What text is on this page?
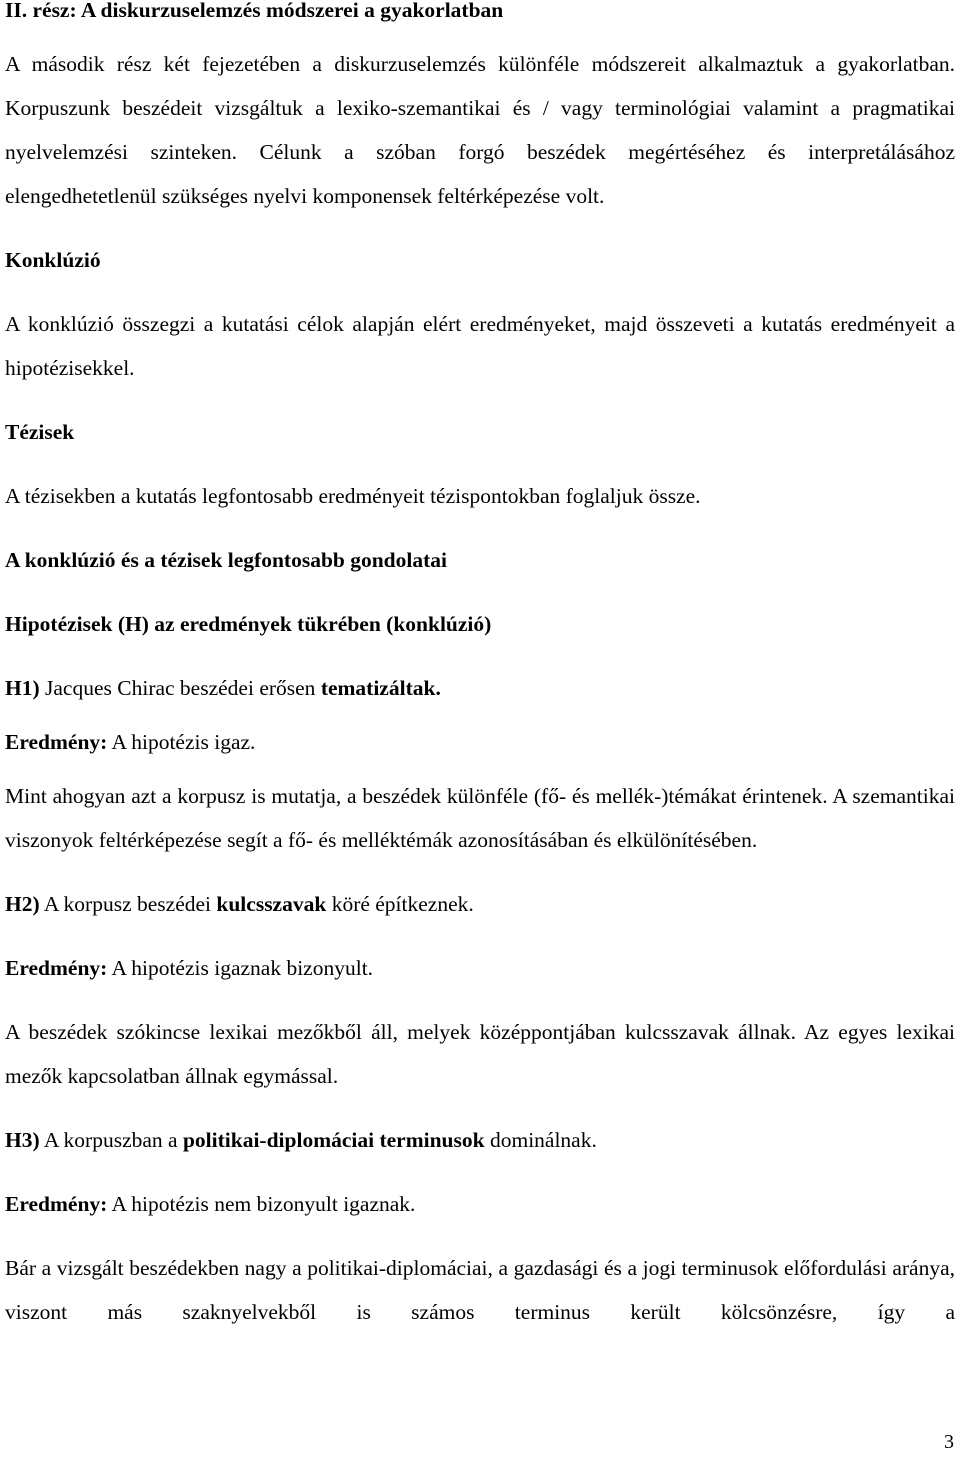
II. rész: A diskurzuselemzés módszerei a gyakorlatban

A második rész két fejezetében a diskurzuselemzés különféle módszereit alkalmaztuk a gyakorlatban. Korpuszunk beszédeit vizsgáltuk a lexiko-szemantikai és / vagy terminológiai valamint a pragmatikai nyelvelemzési szinteken. Célunk a szóban forgó beszédek megértéséhez és interpretálásához elengedhetetlenül szükséges nyelvi komponensek feltérképezése volt.

Konklúzió

A konklúzió összegzi a kutatási célok alapján elért eredményeket, majd összeveti a kutatás eredményeit a hipotézisekkel.

Tézisek

A tézisekben a kutatás legfontosabb eredményeit tézispontokban foglaljuk össze.

A konklúzió és a tézisek legfontosabb gondolatai

Hipotézisek (H) az eredmények tükrében (konklúzió)

H1) Jacques Chirac beszédei erősen tematizáltak.

Eredmény: A hipotézis igaz.

Mint ahogyan azt a korpusz is mutatja, a beszédek különféle (fő- és mellék-)témákat érintenek. A szemantikai viszonyok feltérképezése segít a fő- és melléktémák azonosításában és elkülönítésében.

H2) A korpusz beszédei kulcsszavak köré építkeznek.

Eredmény: A hipotézis igaznak bizonyult.

A beszédek szókincse lexikai mezőkből áll, melyek középpontjában kulcsszavak állnak. Az egyes lexikai mezők kapcsolatban állnak egymással.

H3) A korpuszban a politikai-diplomáciai terminusok dominálnak.

Eredmény: A hipotézis nem bizonyult igaznak.

Bár a vizsgált beszédekben nagy a politikai-diplomáciai, a gazdasági és a jogi terminusok előfordulási aránya, viszont más szaknyelvekből is számos terminus került kölcsönzésre, így a

3
